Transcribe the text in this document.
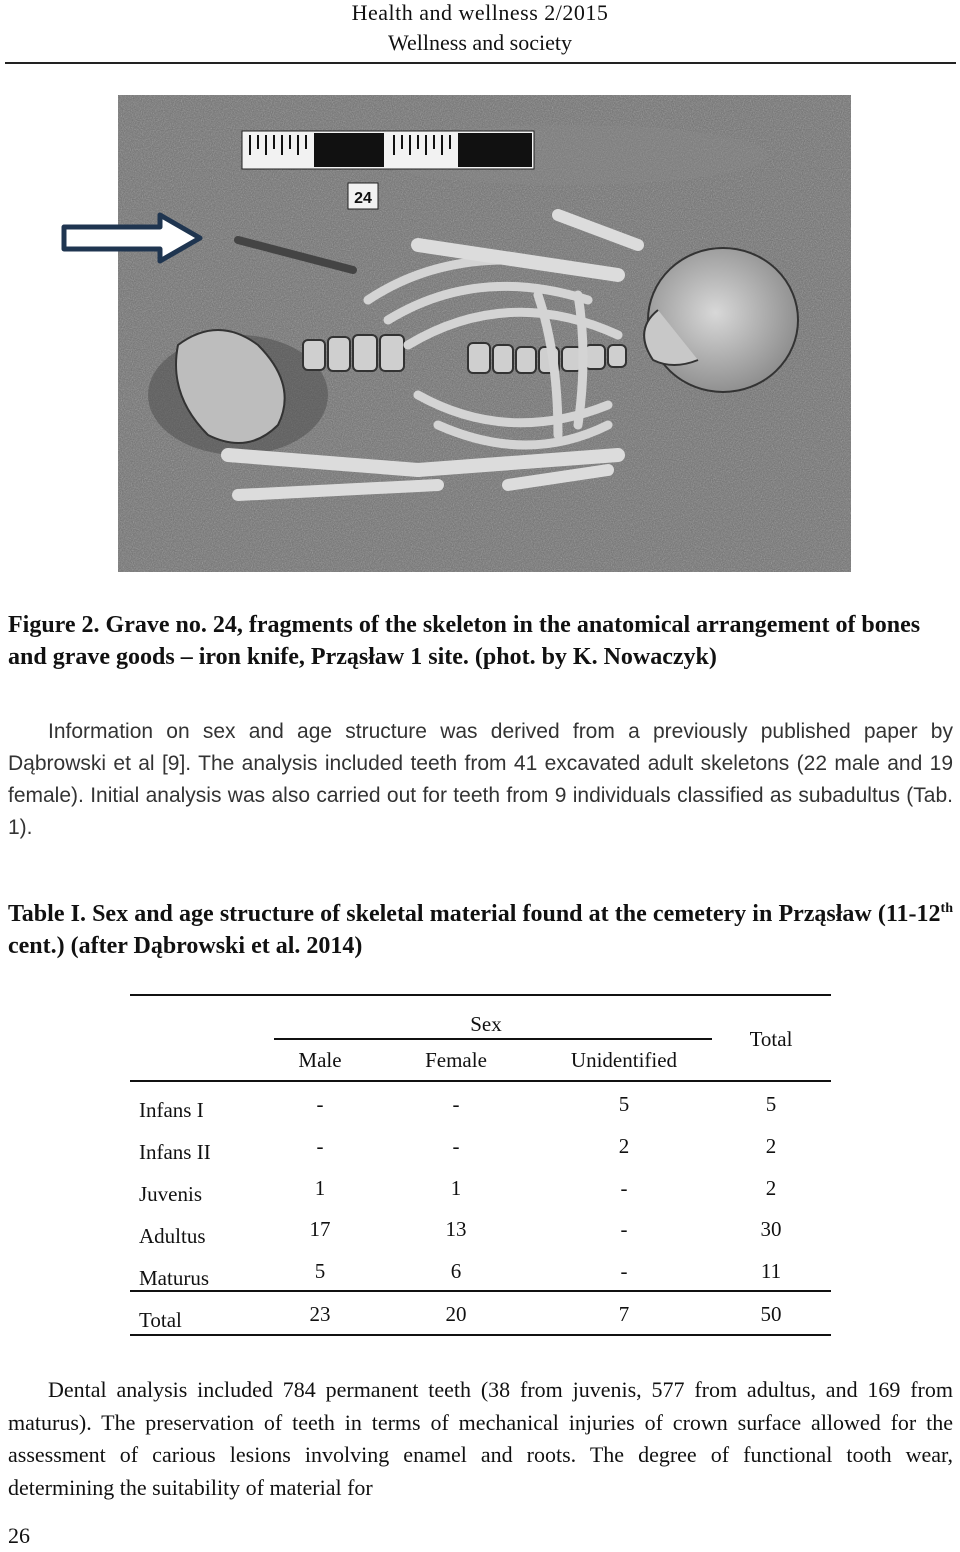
Health and wellness 2/2015
Wellness and society
24
Figure 2. Grave no. 24, fragments of the skeleton in the anatomical arrangement of bones and grave goods – iron knife, Prząsław 1 site. (phot. by K. Nowaczyk)
Information on sex and age structure was derived from a previously published paper by Dąbrowski et al [9]. The analysis included teeth from 41 excavated adult skeletons (22 male and 19 female). Initial analysis was also carried out for teeth from 9 individuals classified as subadultus (Tab. 1).
Table I. Sex and age structure of skeletal material found at the cemetery in Prząsław (11-12th cent.) (after Dąbrowski et al. 2014)
Sex
Male	Female	Unidentified
Total
Infans I	-	-	5	5
Infans II	-	-	2	2
Juvenis	1	1	-	2
Adultus	17	13	-	30
Maturus	5	6	-	11
Total	23	20	7	50
Dental analysis included 784 permanent teeth (38 from juvenis, 577 from adultus, and 169 from maturus). The preservation of teeth in terms of mechanical injuries of crown surface allowed for the assessment of carious lesions involving enamel and roots. The degree of functional tooth wear, determining the suitability of material for
26
